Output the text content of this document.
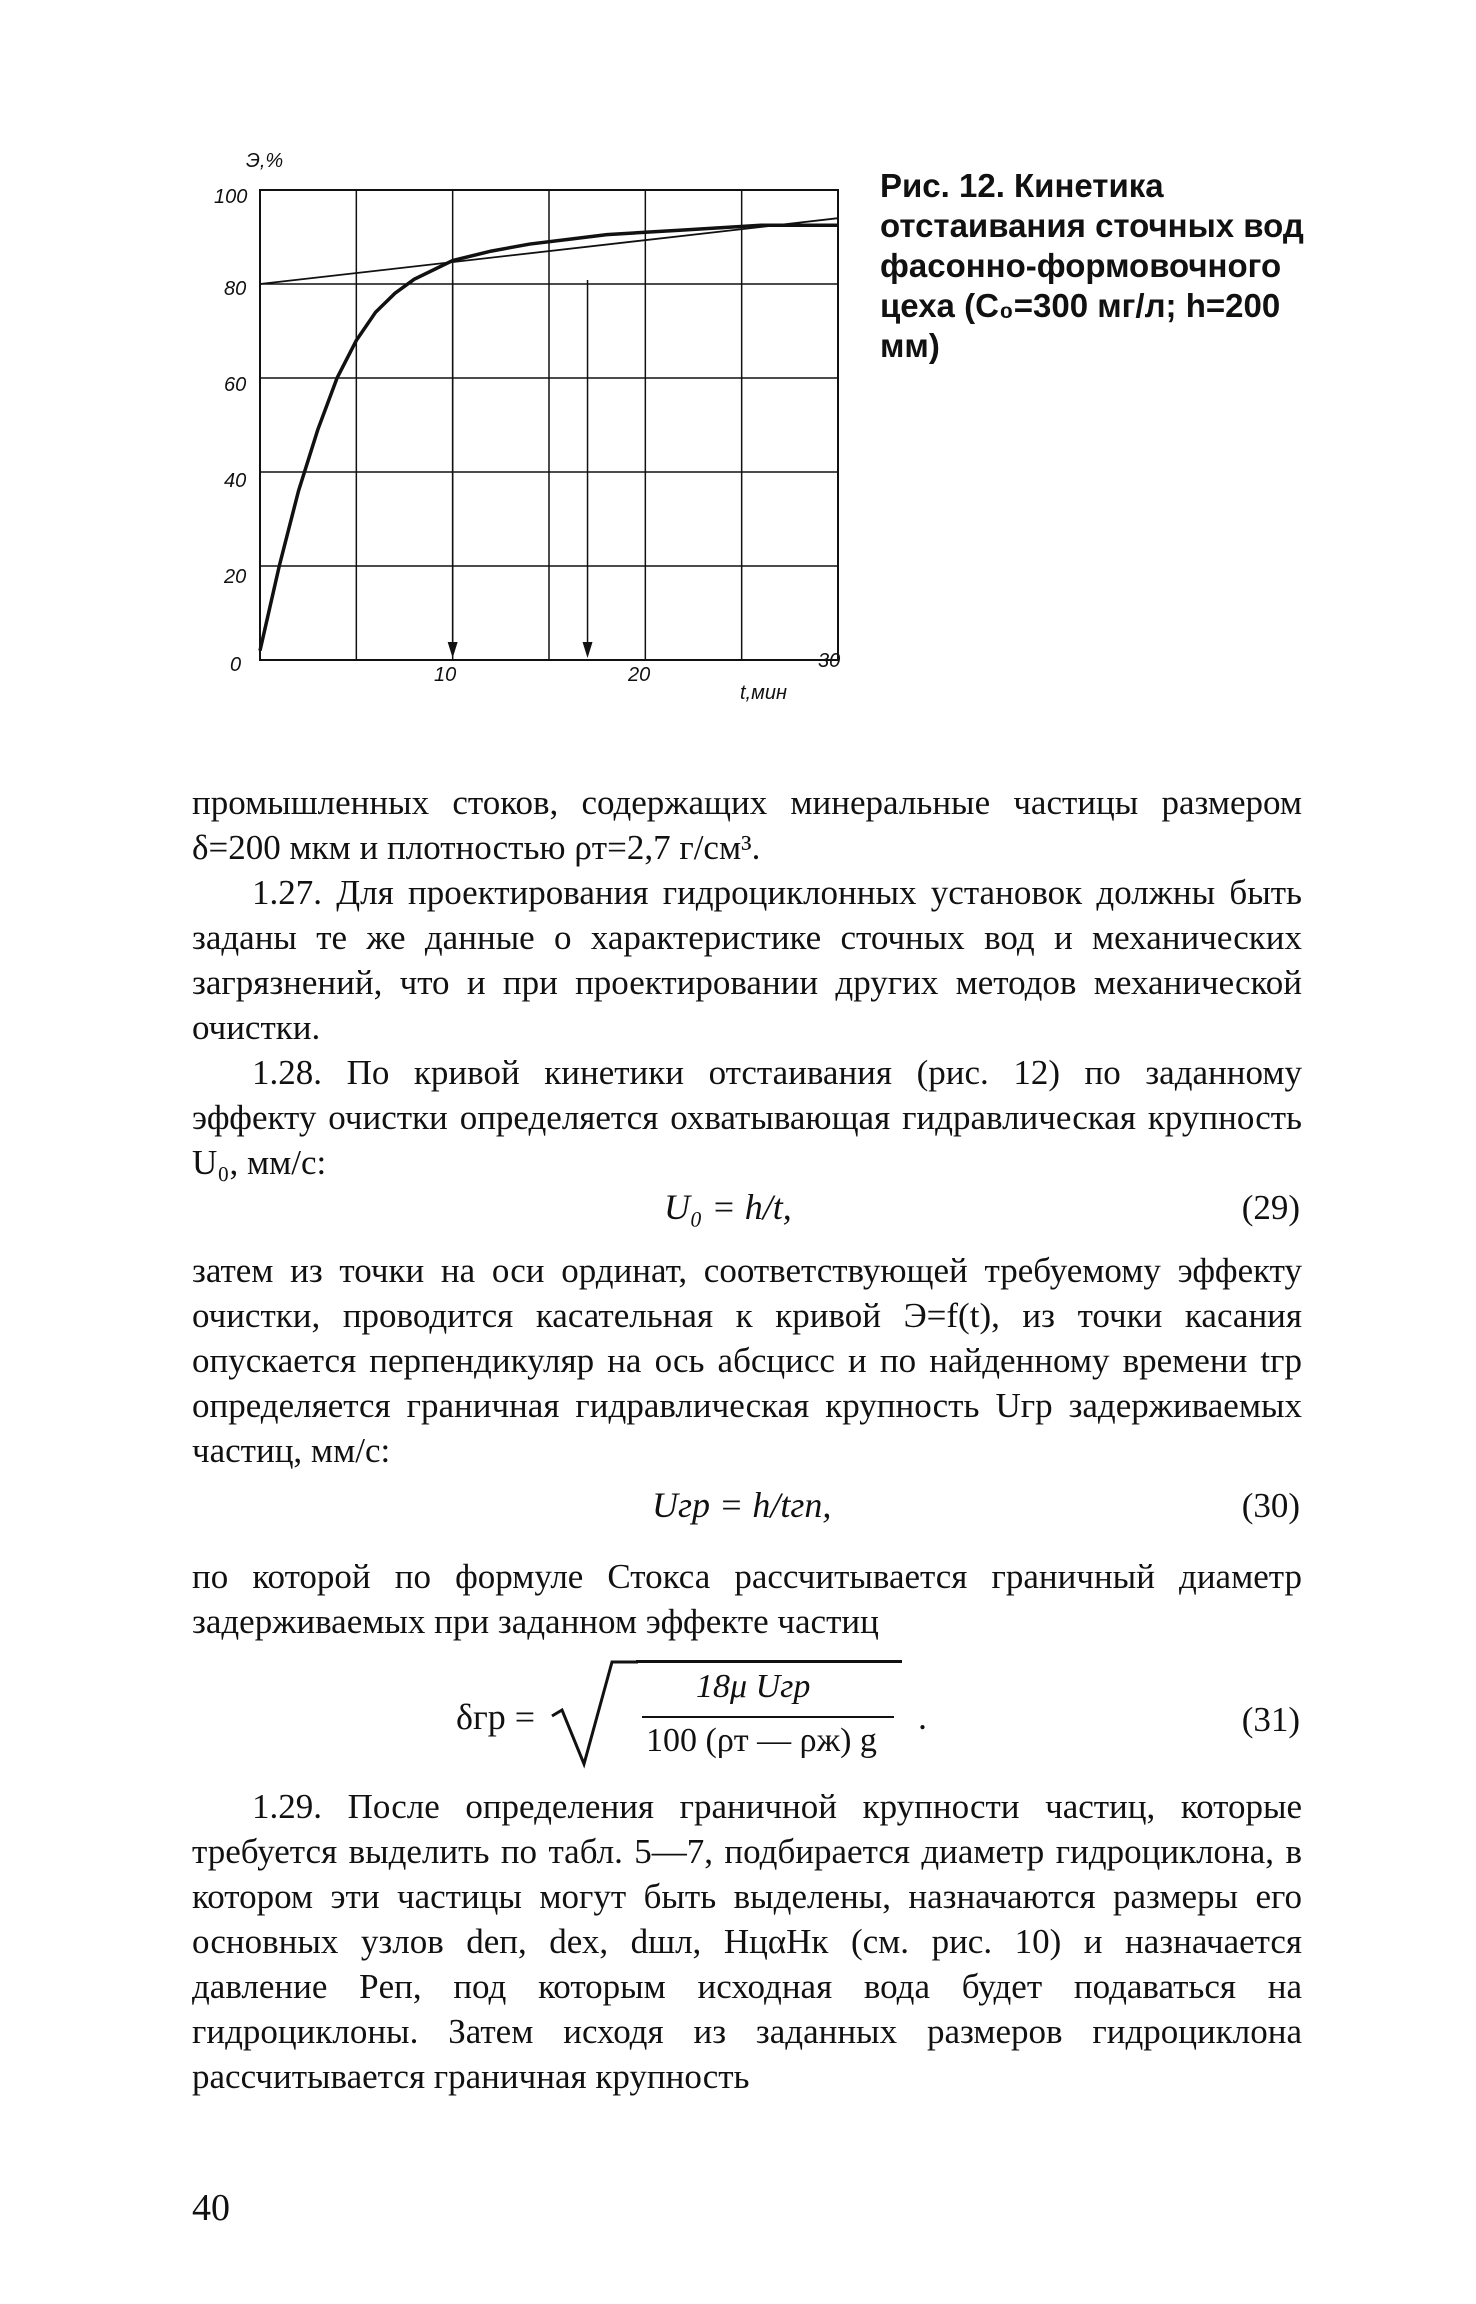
Э,%
t,мин
100
80
60
40
20
0	10	20
30
Рис. 12. Кинетика отстаивания сточных вод фасонно-формовочного цеха (C₀=300 мг/л; h=200 мм)

промышленных стоков, содержащих минеральные частицы размером δ=200 мкм и плотностью ρт=2,7 г/см³.

1.27. Для проектирования гидроциклонных установок должны быть заданы те же данные о характеристике сточных вод и механических загрязнений, что и при проектировании других методов механической очистки.

1.28. По кривой кинетики отстаивания (рис. 12) по заданному эффекту очистки определяется охватывающая гидравлическая крупность U₀, мм/с:

U₀ = h/t,	(29)

затем из точки на оси ординат, соответствующей требуемому эффекту очистки, проводится касательная к кривой Э=f(t), из точки касания опускается перпендикуляр на ось абсцисс и по найденному времени tгр определяется граничная гидравлическая крупность Uгр задерживаемых частиц, мм/с:

Uгр = h/tгп,	(30)

по которой по формуле Стокса рассчитывается граничный диаметр задерживаемых при заданном эффекте частиц

δгр =
18μ Uгр
100 (ρт — ρж) g
.	(31)

1.29. После определения граничной крупности частиц, которые требуется выделить по табл. 5—7, подбирается диаметр гидроциклона, в котором эти частицы могут быть выделены, назначаются размеры его основных узлов dеп, dех, dшл, НцαНк (см. рис. 10) и назначается давление Pеп, под которым исходная вода будет подаваться на гидроциклоны. Затем исходя из заданных размеров гидроциклона рассчитывается граничная крупность

40
